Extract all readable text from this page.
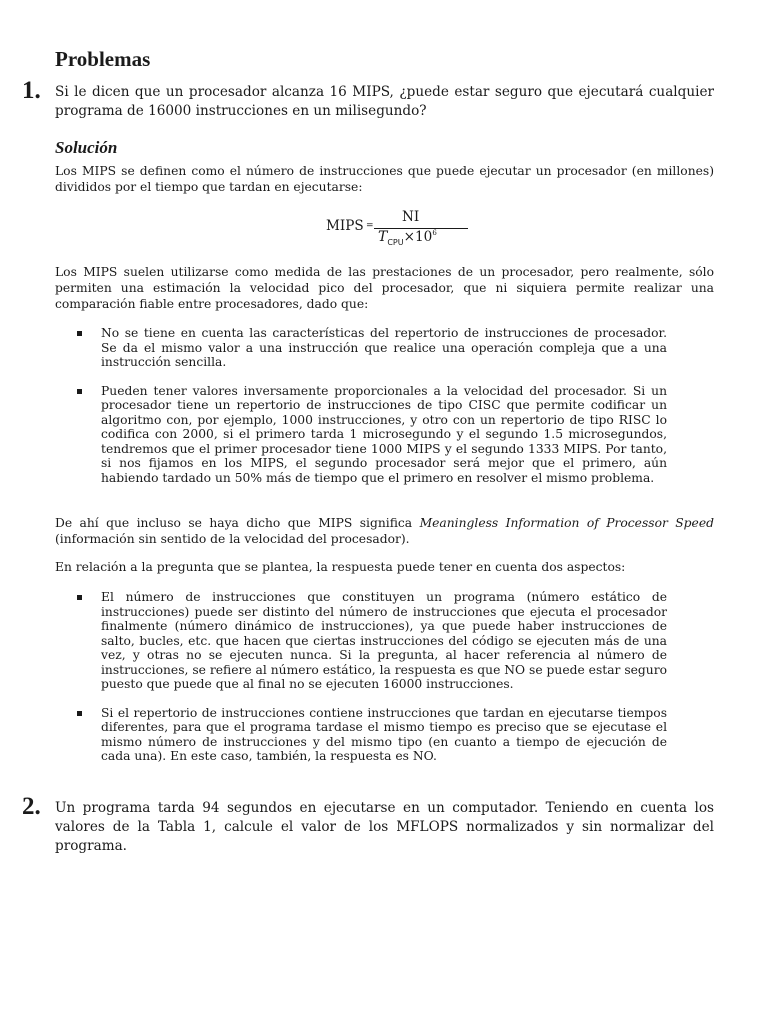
Problemas
1. Si le dicen que un procesador alcanza 16 MIPS, ¿puede estar seguro que ejecutará cualquier programa de 16000 instrucciones en un milisegundo?
Solución

Los MIPS se definen como el número de instrucciones que puede ejecutar un procesador (en millones) divididos por el tiempo que tardan en ejecutarse:

MIPS =
NI
$T_{CPU}\times 10^6$

Los MIPS suelen utilizarse como medida de las prestaciones de un procesador, pero realmente, sólo permiten una estimación la velocidad pico del procesador, que ni siquiera permite realizar una comparación fiable entre procesadores, dado que:

No se tiene en cuenta las características del repertorio de instrucciones de procesador. Se da el mismo valor a una instrucción que realice una operación compleja que a una instrucción sencilla.
Pueden tener valores inversamente proporcionales a la velocidad del procesador. Si un procesador tiene un repertorio de instrucciones de tipo CISC que permite codificar un algoritmo con, por ejemplo, 1000 instrucciones, y otro con un repertorio de tipo RISC lo codifica con 2000, si el primero tarda 1 microsegundo y el segundo 1.5 microsegundos, tendremos que el primer procesador tiene 1000 MIPS y el segundo 1333 MIPS. Por tanto, si nos fijamos en los MIPS, el segundo procesador será mejor que el primero, aún habiendo tardado un 50% más de tiempo que el primero en resolver el mismo problema.

De ahí que incluso se haya dicho que MIPS significa Meaningless Information of Processor Speed (información sin sentido de la velocidad del procesador).

En relación a la pregunta que se plantea, la respuesta puede tener en cuenta dos aspectos:

El número de instrucciones que constituyen un programa (número estático de instrucciones) puede ser distinto del número de instrucciones que ejecuta el procesador finalmente (número dinámico de instrucciones), ya que puede haber instrucciones de salto, bucles, etc. que hacen que ciertas instrucciones del código se ejecuten más de una vez, y otras no se ejecuten nunca. Si la pregunta, al hacer referencia al número de instrucciones, se refiere al número estático, la respuesta es que NO se puede estar seguro puesto que puede que al final no se ejecuten 16000 instrucciones.
Si el repertorio de instrucciones contiene instrucciones que tardan en ejecutarse tiempos diferentes, para que el programa tardase el mismo tiempo es preciso que se ejecutase el mismo número de instrucciones y del mismo tipo (en cuanto a tiempo de ejecución de cada una). En este caso, también, la respuesta es NO.
2. Un programa tarda 94 segundos en ejecutarse en un computador. Teniendo en cuenta los valores de la Tabla 1, calcule el valor de los MFLOPS normalizados y sin normalizar del programa.
